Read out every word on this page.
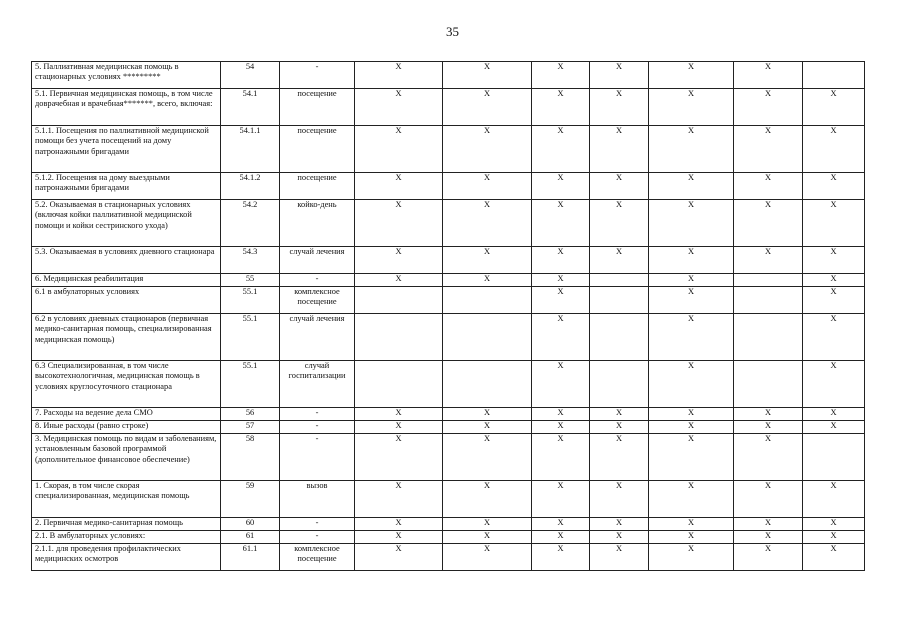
35
5. Паллиативная медицинская помощь в стационарных условиях *********	54	-	X	X	X	X	X	X	
5.1. Первичная медицинская помощь, в том числе доврачебная и врачебная*******, всего, включая:	54.1	посещение	X	X	X	X	X	X	X
5.1.1. Посещения по паллиативной медицинской помощи без учета посещений на дому патронажными бригадами	54.1.1	посещение	X	X	X	X	X	X	X
5.1.2. Посещения на дому выездными патронажными бригадами	54.1.2	посещение	X	X	X	X	X	X	X
5.2. Оказываемая в стационарных условиях (включая койки паллиативной медицинской помощи и койки сестринского ухода)	54.2	койко-день	X	X	X	X	X	X	X
5.3. Оказываемая в условиях дневного стационара	54.3	случай лечения	X	X	X	X	X	X	X
6. Медицинская реабилитация	55	-	X	X	X		X		X
6.1 в амбулаторных условиях	55.1	комплексное посещение			X		X		X
6.2 в условиях дневных стационаров (первичная медико-санитарная помощь, специализированная медицинская помощь)	55.1	случай лечения			X		X		X
6.3 Специализированная, в том числе высокотехнологичная, медицинская помощь в условиях круглосуточного стационара	55.1	случай госпитализации			X		X		X
7. Расходы на ведение дела СМО	56	-	X	X	X	X	X	X	X
8. Иные расходы (равно строке)	57	-	X	X	X	X	X	X	X
3. Медицинская помощь по видам и заболеваниям, установленным базовой программой (дополнительное финансовое обеспечение)	58	-	X	X	X	X	X	X	
1. Скорая, в том числе скорая специализированная, медицинская помощь	59	вызов	X	X	X	X	X	X	X
2. Первичная медико-санитарная помощь	60	-	X	X	X	X	X	X	X
2.1. В амбулаторных условиях:	61	-	X	X	X	X	X	X	X
2.1.1. для проведения профилактических медицинских осмотров	61.1	комплексное посещение	X	X	X	X	X	X	X
